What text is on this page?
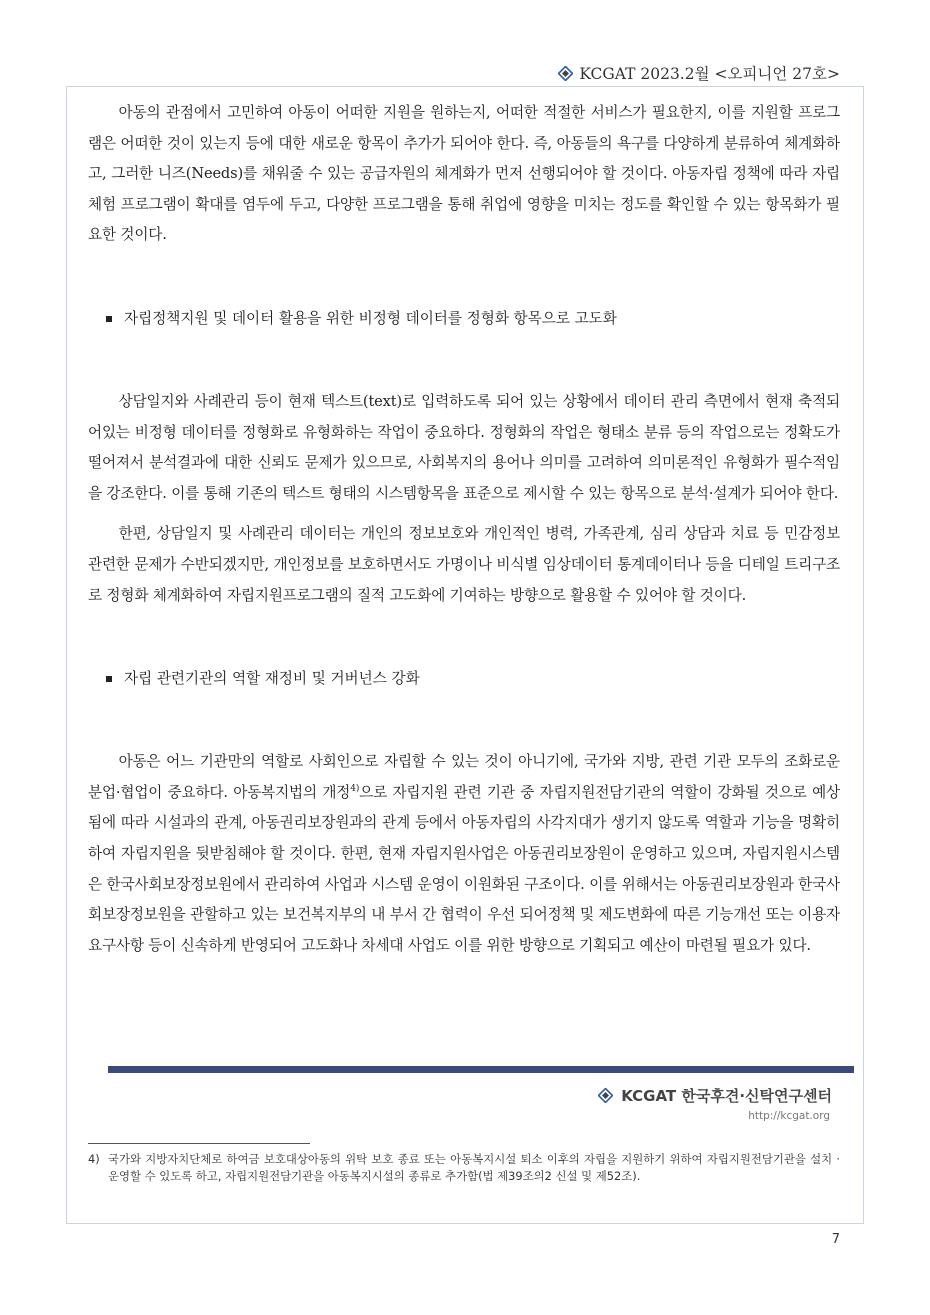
KCGAT 2023.2월 <오피니언 27호>

아동의 관점에서 고민하여 아동이 어떠한 지원을 원하는지, 어떠한 적절한 서비스가 필요한지, 이를 지원할 프로그램은 어떠한 것이 있는지 등에 대한 새로운 항목이 추가가 되어야 한다. 즉, 아동들의 욕구를 다양하게 분류하여 체계화하고, 그러한 니즈(Needs)를 채워줄 수 있는 공급자원의 체계화가 먼저 선행되어야 할 것이다. 아동자립 정책에 따라 자립체험 프로그램이 확대를 염두에 두고, 다양한 프로그램을 통해 취업에 영향을 미치는 정도를 확인할 수 있는 항목화가 필요한 것이다.

자립정책지원 및 데이터 활용을 위한 비정형 데이터를 정형화 항목으로 고도화

상담일지와 사례관리 등이 현재 텍스트(text)로 입력하도록 되어 있는 상황에서 데이터 관리 측면에서 현재 축적되어있는 비정형 데이터를 정형화로 유형화하는 작업이 중요하다. 정형화의 작업은 형태소 분류 등의 작업으로는 정확도가 떨어져서 분석결과에 대한 신뢰도 문제가 있으므로, 사회복지의 용어나 의미를 고려하여 의미론적인 유형화가 필수적임을 강조한다. 이를 통해 기존의 텍스트 형태의 시스템항목을 표준으로 제시할 수 있는 항목으로 분석·설계가 되어야 한다.

한편, 상담일지 및 사례관리 데이터는 개인의 정보보호와 개인적인 병력, 가족관계, 심리 상담과 치료 등 민감정보 관련한 문제가 수반되겠지만, 개인정보를 보호하면서도 가명이나 비식별 임상데이터 통계데이터나 등을 디테일 트리구조로 정형화 체계화하여 자립지원프로그램의 질적 고도화에 기여하는 방향으로 활용할 수 있어야 할 것이다.

자립 관련기관의 역할 재정비 및 거버넌스 강화

아동은 어느 기관만의 역할로 사회인으로 자립할 수 있는 것이 아니기에, 국가와 지방, 관련 기관 모두의 조화로운 분업·협업이 중요하다. 아동복지법의 개정$^{4)}$으로 자립지원 관련 기관 중 자립지원전담기관의 역할이 강화될 것으로 예상됨에 따라 시설과의 관계, 아동권리보장원과의 관계 등에서 아동자립의 사각지대가 생기지 않도록 역할과 기능을 명확히 하여 자립지원을 뒷받침해야 할 것이다. 한편, 현재 자립지원사업은 아동권리보장원이 운영하고 있으며, 자립지원시스템은 한국사회보장정보원에서 관리하여 사업과 시스템 운영이 이원화된 구조이다. 이를 위해서는 아동권리보장원과 한국사회보장정보원을 관할하고 있는 보건복지부의 내 부서 간 협력이 우선 되어정책 및 제도변화에 따른 기능개선 또는 이용자 요구사항 등이 신속하게 반영되어 고도화나 차세대 사업도 이를 위한 방향으로 기획되고 예산이 마련될 필요가 있다.

KCGAT 한국후견·신탁연구센터
http://kcgat.org
4) 국가와 지방자치단체로 하여금 보호대상아동의 위탁 보호 종료 또는 아동복지시설 퇴소 이후의 자립을 지원하기 위하여 자립지원전담기관을 설치 · 운영할 수 있도록 하고, 자립지원전담기관을 아동복지시설의 종류로 추가함(법 제39조의2 신설 및 제52조).
7
